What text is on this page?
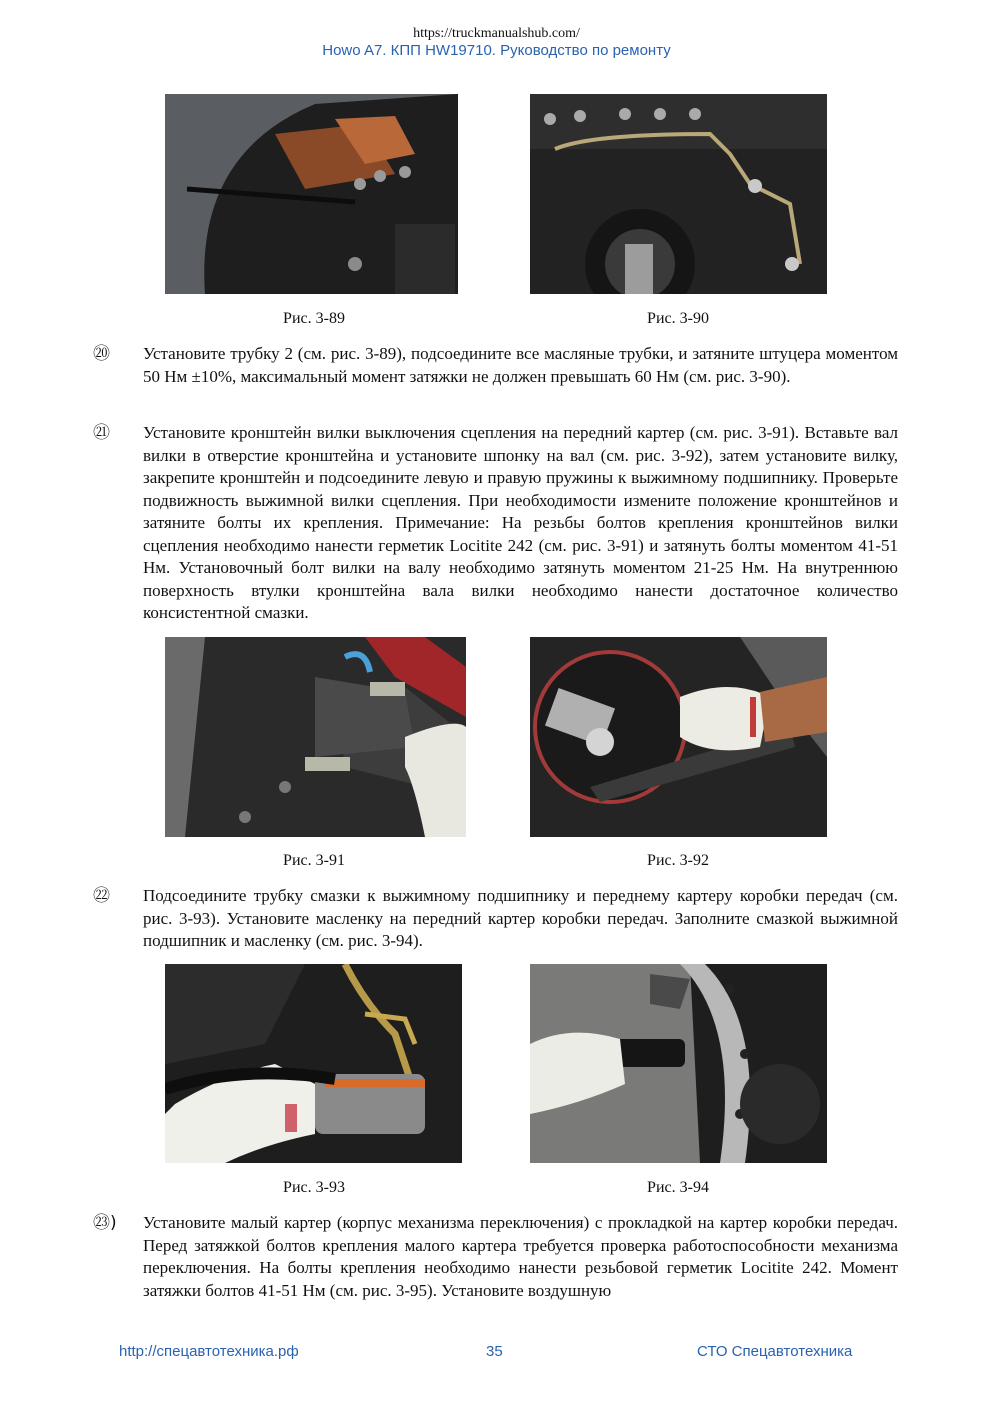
https://truckmanualshub.com/
Howo A7. КПП HW19710. Руководство по ремонту
Рис. 3-89	Рис. 3-90
⑳ Установите трубку 2 (см. рис. 3-89), подсоедините все масляные трубки, и затяните штуцера моментом 50 Нм ±10%, максимальный момент затяжки не должен превышать 60 Нм (см. рис. 3-90).
㉑ Установите кронштейн вилки выключения сцепления на передний картер (см. рис. 3-91). Вставьте вал вилки в отверстие кронштейна и установите шпонку на вал (см. рис. 3-92), затем установите вилку, закрепите кронштейн и подсоедините левую и правую пружины к выжимному подшипнику. Проверьте подвижность выжимной вилки сцепления. При необходимости измените положение кронштейнов и затяните болты их крепления. Примечание: На резьбы болтов крепления кронштейнов вилки сцепления необходимо нанести герметик Locitite 242 (см. рис. 3-91) и затянуть болты моментом 41-51 Нм. Установочный болт вилки на валу необходимо затянуть моментом 21-25 Нм. На внутреннюю поверхность втулки кронштейна вала вилки необходимо нанести достаточное количество консистентной смазки.
Рис. 3-91	Рис. 3-92
㉒ Подсоедините трубку смазки к выжимному подшипнику и переднему картеру коробки передач (см. рис. 3-93). Установите масленку на передний картер коробки передач. Заполните смазкой выжимной подшипник и масленку (см. рис. 3-94).
Рис. 3-93	Рис. 3-94
㉓) Установите малый картер (корпус механизма переключения) с прокладкой на картер коробки передач. Перед затяжкой болтов крепления малого картера требуется проверка работоспособности механизма переключения. На болты крепления необходимо нанести резьбовой герметик Locitite 242. Момент затяжки болтов 41-51 Нм (см. рис. 3-95). Установите воздушную
http://спецавтотехника.рф	35	СТО Спецавтотехника
